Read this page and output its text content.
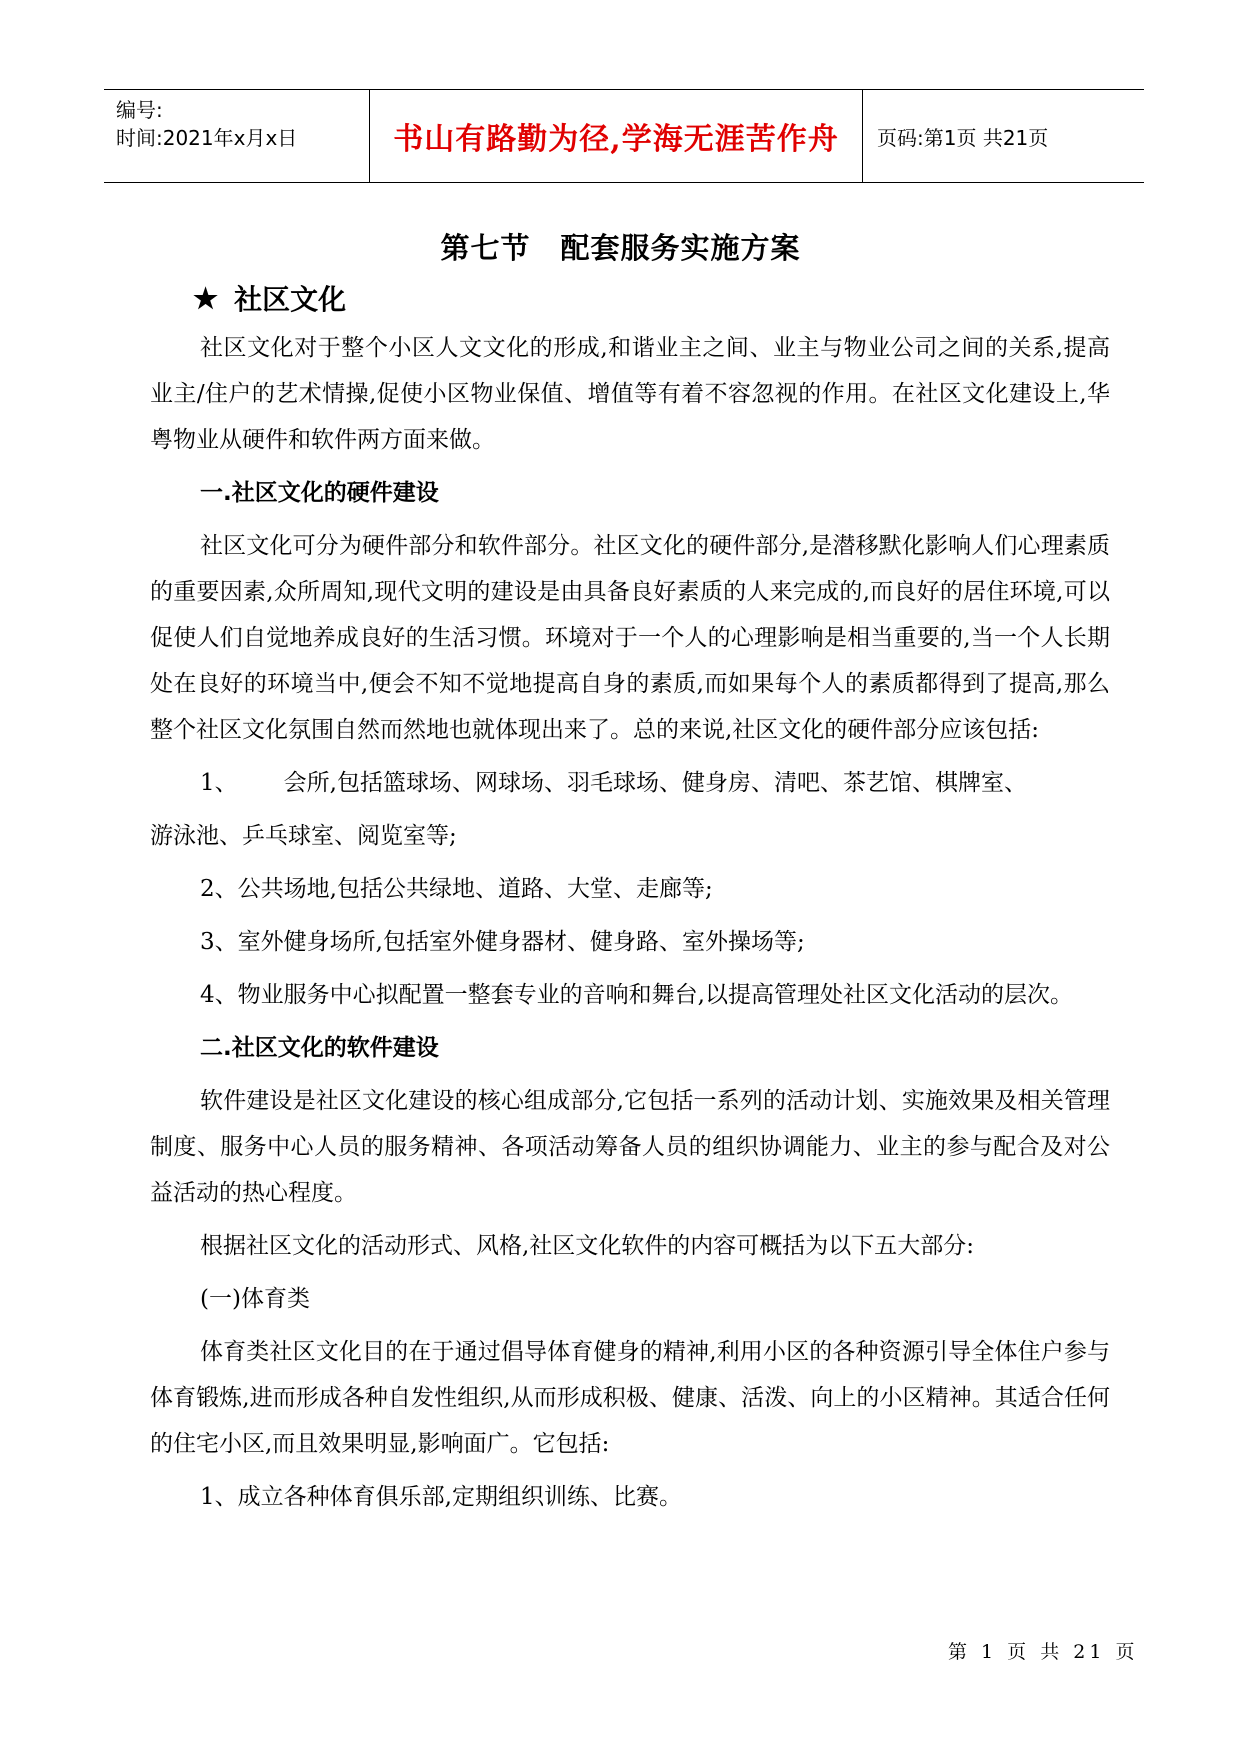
编号:
时间:2021年x月x日	书山有路勤为径,学海无涯苦作舟	页码:第1页 共21页
第七节 配套服务实施方案
★ 社区文化

社区文化对于整个小区人文文化的形成,和谐业主之间、业主与物业公司之间的关系,提高业主/住户的艺术情操,促使小区物业保值、增值等有着不容忽视的作用。在社区文化建设上,华粤物业从硬件和软件两方面来做。

一.社区文化的硬件建设

社区文化可分为硬件部分和软件部分。社区文化的硬件部分,是潜移默化影响人们心理素质的重要因素,众所周知,现代文明的建设是由具备良好素质的人来完成的,而良好的居住环境,可以促使人们自觉地养成良好的生活习惯。环境对于一个人的心理影响是相当重要的,当一个人长期处在良好的环境当中,便会不知不觉地提高自身的素质,而如果每个人的素质都得到了提高,那么整个社区文化氛围自然而然地也就体现出来了。总的来说,社区文化的硬件部分应该包括:

1、 会所,包括篮球场、网球场、羽毛球场、健身房、清吧、茶艺馆、棋牌室、

游泳池、乒乓球室、阅览室等;

2、公共场地,包括公共绿地、道路、大堂、走廊等;

3、室外健身场所,包括室外健身器材、健身路、室外操场等;

4、物业服务中心拟配置一整套专业的音响和舞台,以提高管理处社区文化活动的层次。

二.社区文化的软件建设

软件建设是社区文化建设的核心组成部分,它包括一系列的活动计划、实施效果及相关管理制度、服务中心人员的服务精神、各项活动筹备人员的组织协调能力、业主的参与配合及对公益活动的热心程度。

根据社区文化的活动形式、风格,社区文化软件的内容可概括为以下五大部分:

(一)体育类

体育类社区文化目的在于通过倡导体育健身的精神,利用小区的各种资源引导全体住户参与体育锻炼,进而形成各种自发性组织,从而形成积极、健康、活泼、向上的小区精神。其适合任何的住宅小区,而且效果明显,影响面广。它包括:

1、成立各种体育俱乐部,定期组织训练、比赛。

第 1 页 共 21 页
